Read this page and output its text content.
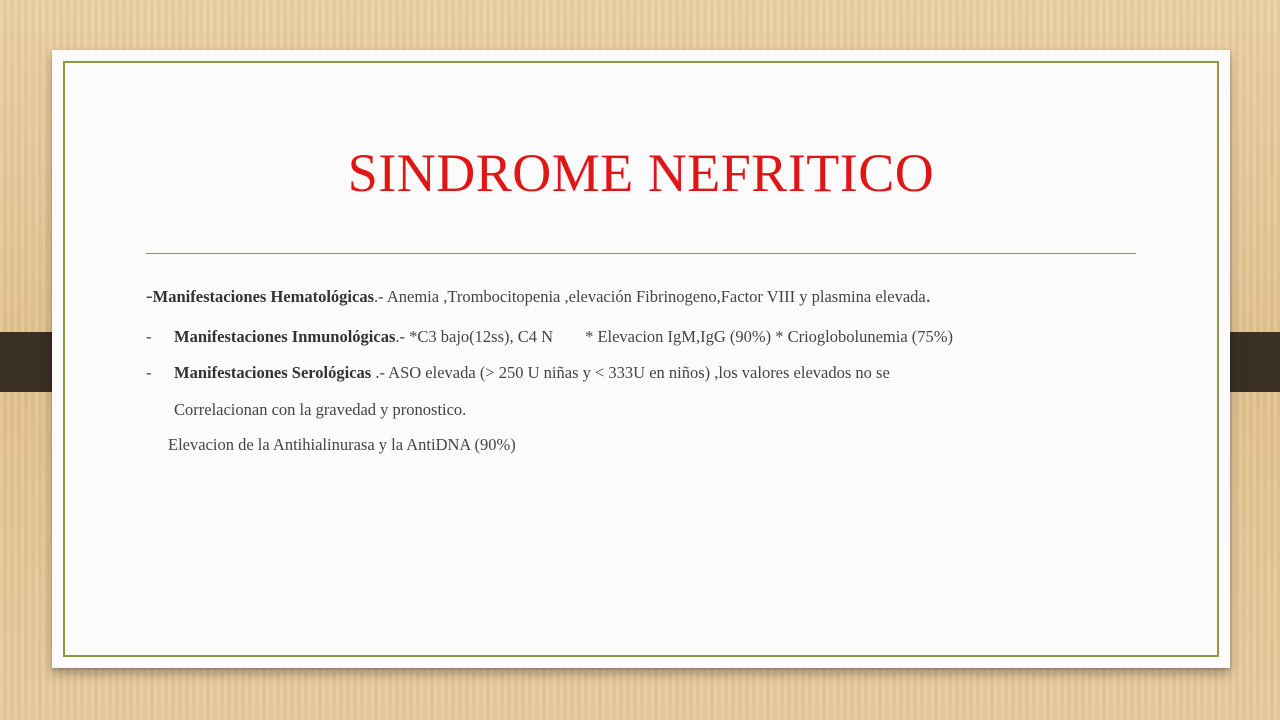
SINDROME NEFRITICO

-Manifestaciones Hematológicas.- Anemia ,Trombocitopenia ,elevación Fibrinogeno,Factor VIII y plasmina elevada.

- Manifestaciones Inmunológicas.- *C3 bajo(12ss), C4 N * Elevacion IgM,IgG (90%) * Crioglobolunemia (75%)
- Manifestaciones Serológicas .- ASO elevada (> 250 U niñas y < 333U en niños) ,los valores elevados no se

Correlacionan con la gravedad y pronostico.

Elevacion de la Antihialinurasa y la AntiDNA (90%)
